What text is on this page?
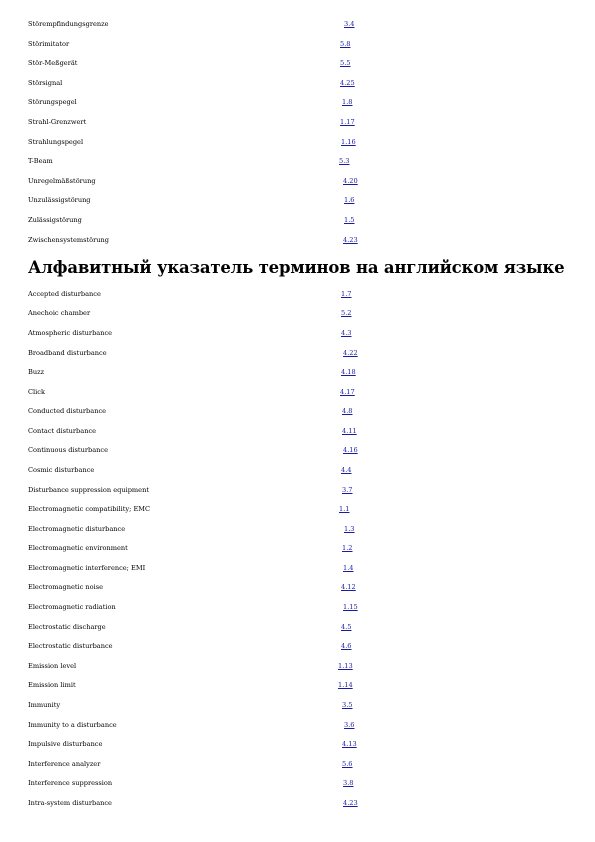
Störempfindungsgrenze	3.4
Störimitator	5.8
Stör-Meßgerät	5.5
Störsignal	4.25
Störungspegel	1.8
Strahl-Grenzwert	1.17
Strahlungspegel	1.16
T-Beam	5.3
Unregelmäßstörung	4.20
Unzulässigstörung	1.6
Zulässigstörung	1.5
Zwischensystemstörung	4.23
Алфавитный указатель терминов на английском языке
Accepted disturbance	1.7
Anechoic chamber	5.2
Atmospheric disturbance	4.3
Broadband disturbance	4.22
Buzz	4.18
Click	4.17
Conducted disturbance	4.8
Contact disturbance	4.11
Continuous disturbance	4.16
Cosmic disturbance	4.4
Disturbance suppression equipment	3.7
Electromagnetic compatibility; EMC	1.1
Electromagnetic disturbance	1.3
Electromagnetic environment	1.2
Electromagnetic interference; EMI	1.4
Electromagnetic noise	4.12
Electromagnetic radiation	1.15
Electrostatic discharge	4.5
Electrostatic disturbance	4.6
Emission level	1.13
Emission limit	1.14
Immunity	3.5
Immunity to a disturbance	3.6
Impulsive disturbance	4.13
Interference analyzer	5.6
Interference suppression	3.8
Intra-system disturbance	4.23
